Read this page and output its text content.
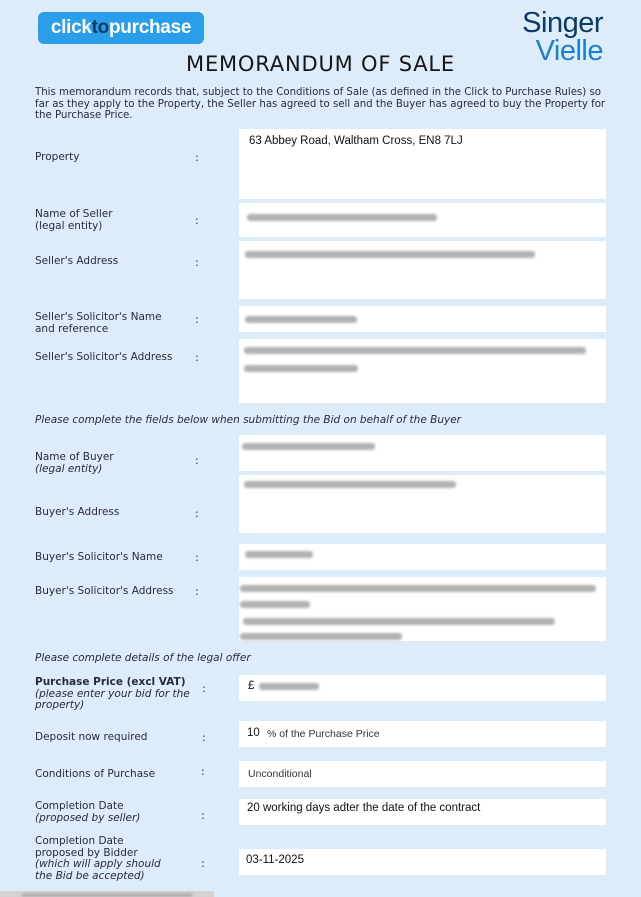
clicktopurchase	Singer
Vielle
MEMORANDUM OF SALE
This memorandum records that, subject to the Conditions of Sale (as defined in the Click to Purchase Rules) so far as they apply to the Property, the Seller has agreed to sell and the Buyer has agreed to buy the Property for the Purchase Price.
Property	:
63 Abbey Road, Waltham Cross, EN8 7LJ
Name of Seller
(legal entity)	:
Seller's Address	:
Seller's Solicitor's Name
and reference
:
Seller's Solicitor's Address :
Please complete the fields below when submitting the Bid on behalf of the Buyer
Name of Buyer
(legal entity)
:
Buyer's Address	:
Buyer's Solicitor's Name	:
Buyer's Solicitor's Address :
Please complete details of the legal offer
Purchase Price (excl VAT)
(please enter your bid for the
property)
:	£
Deposit now required	:	10 % of the Purchase Price
Conditions of Purchase	:	Unconditional
Completion Date
(proposed by seller)	:
20 working days adter the date of the contract
Completion Date
proposed by Bidder
(which will apply should
the Bid be accepted)
:	03-11-2025
